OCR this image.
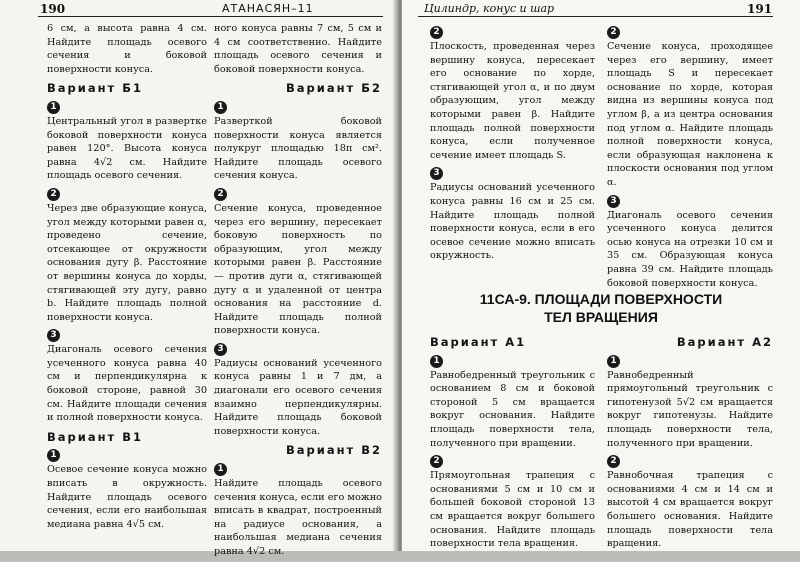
190	АТАНАСЯН–11

6 см, а высота равна 4 см. Найдите площадь осевого сечения и боковой поверхности конуса.

Вариант Б1
1

Центральный угол в развертке боковой поверхности конуса равен 120°. Высота конуса равна 4√2 см. Найдите площадь осевого сечения.

2

Через две образующие конуса, угол между которыми равен α, проведено сечение, отсекающее от окружности основания дугу β. Расстояние от вершины конуса до хорды, стягивающей эту дугу, равно b. Найдите площадь полной поверхности конуса.

3

Диагональ осевого сечения усеченного конуса равна 40 см и перпендикулярна к боковой стороне, равной 30 см. Найдите площади сечения и полной поверхности конуса.

Вариант В1
1

Осевое сечение конуса можно вписать в окружность. Найдите площадь осевого сечения, если его наибольшая медиана равна 4√5 см.

ного конуса равны 7 см, 5 см и 4 см соответственно. Найдите площадь осевого сечения и боковой поверхности конуса.

Вариант Б2
1

Разверткой боковой поверхности конуса является полукруг площадью 18π см². Найдите площадь осевого сечения конуса.

2

Сечение конуса, проведенное через его вершину, пересекает боковую поверхность по образующим, угол между которыми равен β. Расстояние — против дуги α, стягивающей дугу α и удаленной от центра основания на расстояние d. Найдите площадь полной поверхности конуса.

3

Радиусы оснований усеченного конуса равны 1 и 7 дм, а диагонали его осевого сечения взаимно перпендикулярны. Найдите площадь боковой поверхности конуса.

Вариант В2
1

Найдите площадь осевого сечения конуса, если его можно вписать в квадрат, построенный на радиусе основания, а наибольшая медиана сечения равна 4√2 см.

Цилиндр, конус и шар	191
2

Плоскость, проведенная через вершину конуса, пересекает его основание по хорде, стягивающей угол α, и по двум образующим, угол между которыми равен β. Найдите площадь полной поверхности конуса, если полученное сечение имеет площадь S.

3

Радиусы оснований усеченного конуса равны 16 см и 25 см. Найдите площадь полной поверхности конуса, если в его осевое сечение можно вписать окружность.

2

Сечение конуса, проходящее через его вершину, имеет площадь S и пересекает основание по хорде, которая видна из вершины конуса под углом β, а из центра основания под углом α. Найдите площадь полной поверхности конуса, если образующая наклонена к плоскости основания под углом α.

3

Диагональ осевого сечения усеченного конуса делится осью конуса на отрезки 10 см и 35 см. Образующая конуса равна 39 см. Найдите площадь боковой поверхности конуса.

11СА-9. ПЛОЩАДИ ПОВЕРХНОСТИ
ТЕЛ ВРАЩЕНИЯ
Вариант А1
1

Равнобедренный треугольник с основанием 8 см и боковой стороной 5 см вращается вокруг основания. Найдите площадь поверхности тела, полученного при вращении.

2

Прямоугольная трапеция с основаниями 5 см и 10 см и большей боковой стороной 13 см вращается вокруг большего основания. Найдите площадь поверхности тела вращения.

Вариант А2
1

Равнобедренный прямоугольный треугольник с гипотенузой 5√2 см вращается вокруг гипотенузы. Найдите площадь поверхности тела, полученного при вращении.

2

Равнобочная трапеция с основаниями 4 см и 14 см и высотой 4 см вращается вокруг большего основания. Найдите площадь поверхности тела вращения.
